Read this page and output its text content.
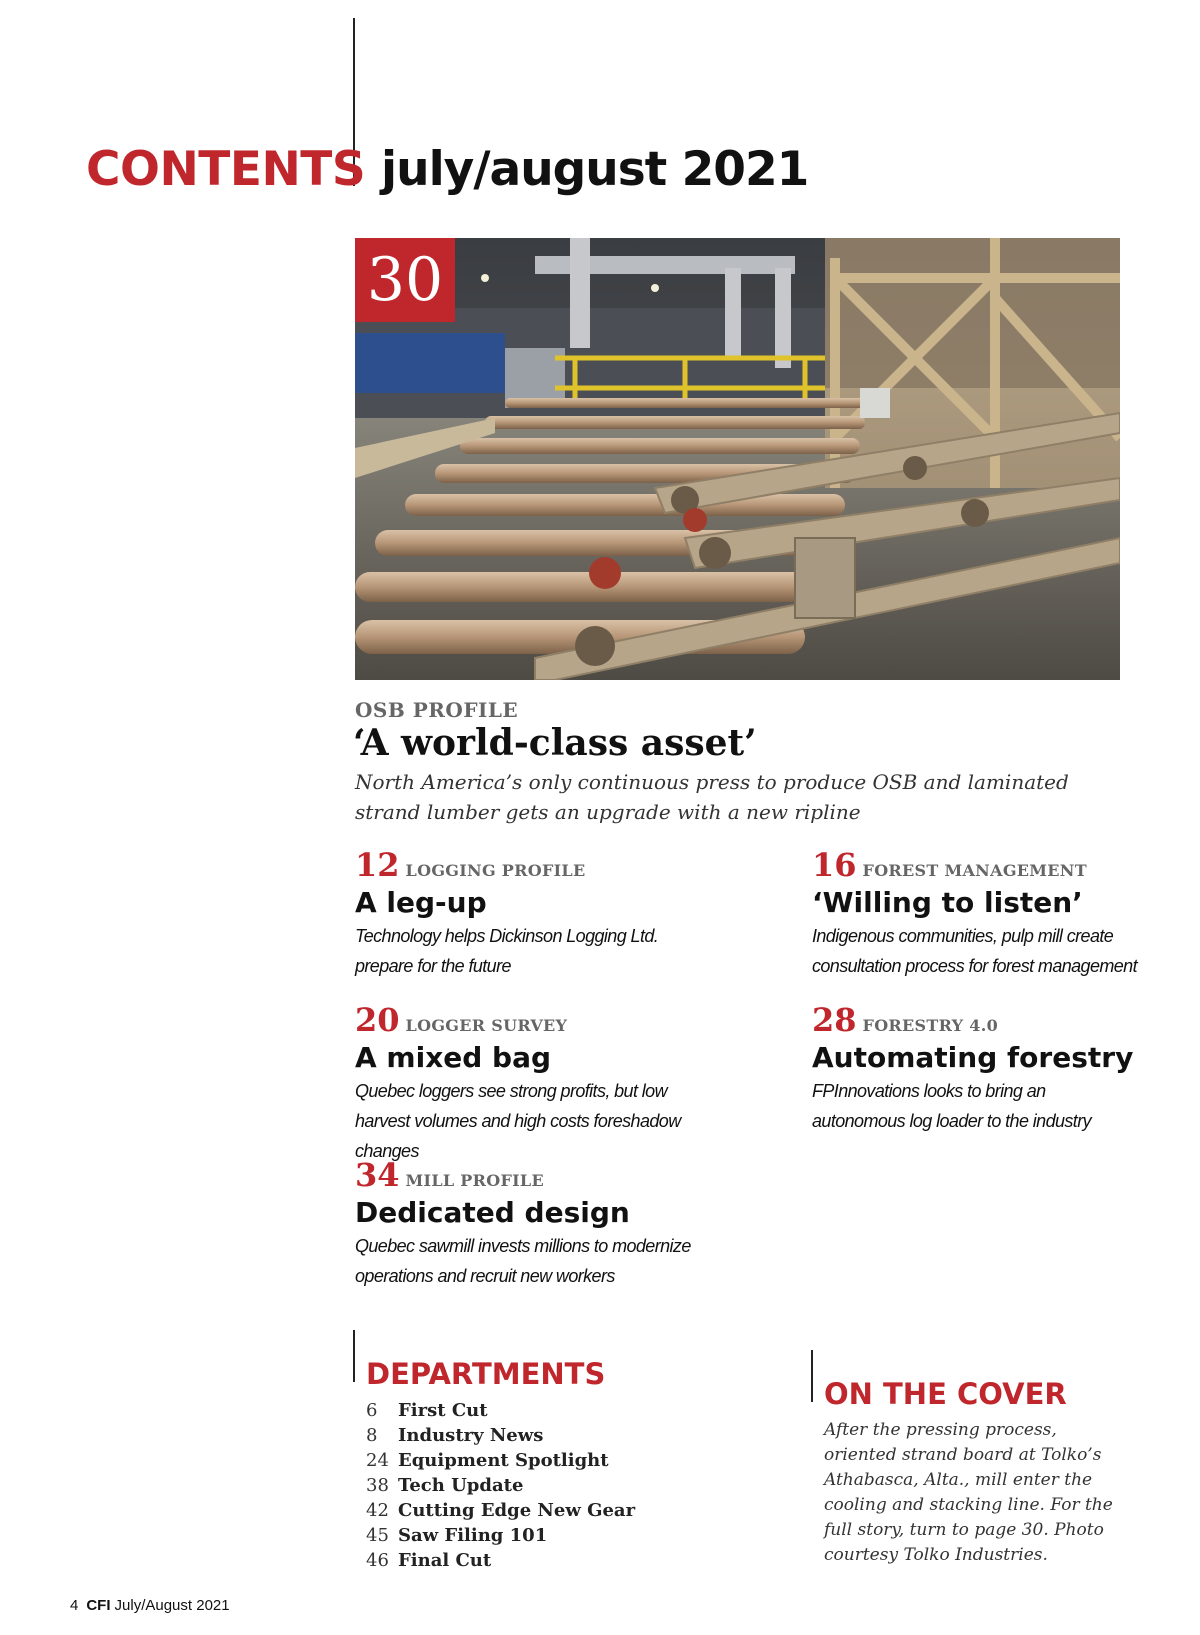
CONTENTS july/august 2021
30
OSB PROFILE
‘A world-class asset’
North America’s only continuous press to produce OSB and laminated strand lumber gets an upgrade with a new ripline
12 LOGGING PROFILE
A leg-up
Technology helps Dickinson Logging Ltd. prepare for the future
16 FOREST MANAGEMENT
‘Willing to listen’
Indigenous communities, pulp mill create consultation process for forest management
20 LOGGER SURVEY
A mixed bag
Quebec loggers see strong profits, but low harvest volumes and high costs foreshadow changes
28 FORESTRY 4.0
Automating forestry
FPInnovations looks to bring an autonomous log loader to the industry
34 MILL PROFILE
Dedicated design
Quebec sawmill invests millions to modernize operations and recruit new workers
DEPARTMENTS
6	First Cut
8	Industry News
24 Equipment Spotlight
38 Tech Update
42 Cutting Edge New Gear
45 Saw Filing 101
46 Final Cut
ON THE COVER
After the pressing process, oriented strand board at Tolko’s Athabasca, Alta., mill enter the cooling and stacking line. For the full story, turn to page 30. Photo courtesy Tolko Industries.
4 CFI July/August 2021
